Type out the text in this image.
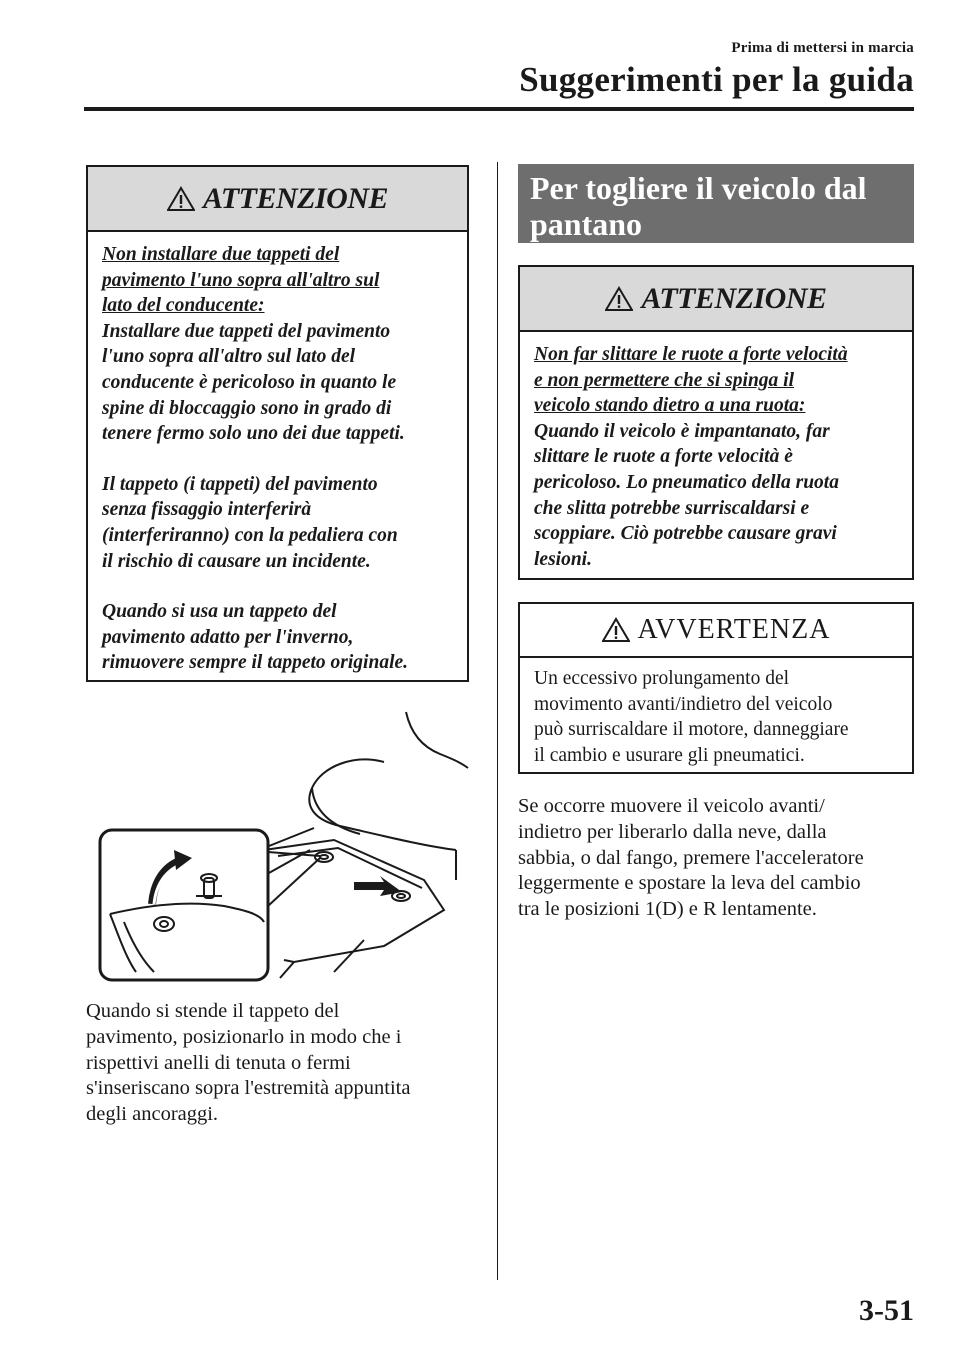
Prima di mettersi in marcia
Suggerimenti per la guida
ATTENZIONE

Non installare due tappeti del

pavimento l'uno sopra all'altro sul

lato del conducente:

Installare due tappeti del pavimento

l'uno sopra all'altro sul lato del

conducente è pericoloso in quanto le

spine di bloccaggio sono in grado di

tenere fermo solo uno dei due tappeti.

Il tappeto (i tappeti) del pavimento

senza fissaggio interferirà

(interferiranno) con la pedaliera con

il rischio di causare un incidente.

Quando si usa un tappeto del

pavimento adatto per l'inverno,

rimuovere sempre il tappeto originale.

Quando si stende il tappeto del
pavimento, posizionarlo in modo che i
rispettivi anelli di tenuta o fermi
s'inseriscano sopra l'estremità appuntita
degli ancoraggi.
Per togliere il veicolo dal
pantano
ATTENZIONE

Non far slittare le ruote a forte velocità

e non permettere che si spinga il

veicolo stando dietro a una ruota:

Quando il veicolo è impantanato, far

slittare le ruote a forte velocità è

pericoloso. Lo pneumatico della ruota

che slitta potrebbe surriscaldarsi e

scoppiare. Ciò potrebbe causare gravi

lesioni.

AVVERTENZA
Un eccessivo prolungamento del
movimento avanti/indietro del veicolo
può surriscaldare il motore, danneggiare
il cambio e usurare gli pneumatici.
Se occorre muovere il veicolo avanti/
indietro per liberarlo dalla neve, dalla
sabbia, o dal fango, premere l'acceleratore
leggermente e spostare la leva del cambio
tra le posizioni 1(D) e R lentamente.
3-51
